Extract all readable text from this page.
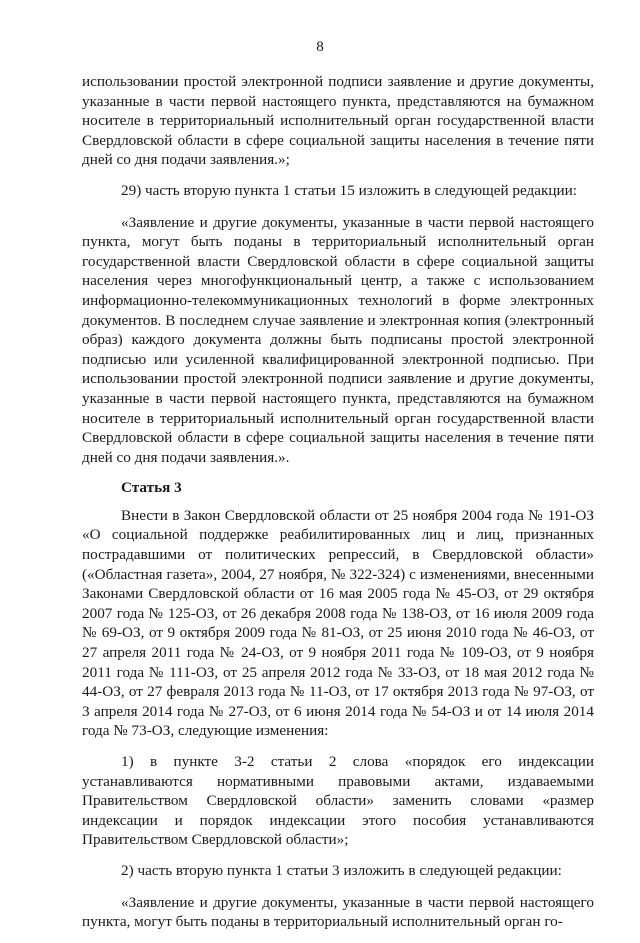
8

использовании простой электронной подписи заявление и другие документы, указанные в части первой настоящего пункта, представляются на бумажном носителе в территориальный исполнительный орган государственной власти Свердловской области в сфере социальной защиты населения в течение пяти дней со дня подачи заявления.»;

29) часть вторую пункта 1 статьи 15 изложить в следующей редакции:

«Заявление и другие документы, указанные в части первой настоящего пункта, могут быть поданы в территориальный исполнительный орган государственной власти Свердловской области в сфере социальной защиты населения через многофункциональный центр, а также с использованием информационно-телекоммуникационных технологий в форме электронных документов. В последнем случае заявление и электронная копия (электронный образ) каждого документа должны быть подписаны простой электронной подписью или усиленной квалифицированной электронной подписью. При использовании простой электронной подписи заявление и другие документы, указанные в части первой настоящего пункта, представляются на бумажном носителе в территориальный исполнительный орган государственной власти Свердловской области в сфере социальной защиты населения в течение пяти дней со дня подачи заявления.».

Статья 3

Внести в Закон Свердловской области от 25 ноября 2004 года № 191-ОЗ «О социальной поддержке реабилитированных лиц и лиц, признанных пострадавшими от политических репрессий, в Свердловской области» («Областная газета», 2004, 27 ноября, № 322-324) с изменениями, внесенными Законами Свердловской области от 16 мая 2005 года № 45-ОЗ, от 29 октября 2007 года № 125-ОЗ, от 26 декабря 2008 года № 138-ОЗ, от 16 июля 2009 года № 69-ОЗ, от 9 октября 2009 года № 81-ОЗ, от 25 июня 2010 года № 46-ОЗ, от 27 апреля 2011 года № 24-ОЗ, от 9 ноября 2011 года № 109-ОЗ, от 9 ноября 2011 года № 111-ОЗ, от 25 апреля 2012 года № 33-ОЗ, от 18 мая 2012 года № 44-ОЗ, от 27 февраля 2013 года № 11-ОЗ, от 17 октября 2013 года № 97-ОЗ, от 3 апреля 2014 года № 27-ОЗ, от 6 июня 2014 года № 54-ОЗ и от 14 июля 2014 года № 73-ОЗ, следующие изменения:

1) в пункте 3-2 статьи 2 слова «порядок его индексации устанавливаются нормативными правовыми актами, издаваемыми Правительством Свердловской области» заменить словами «размер индексации и порядок индексации этого пособия устанавливаются Правительством Свердловской области»;

2) часть вторую пункта 1 статьи 3 изложить в следующей редакции:

«Заявление и другие документы, указанные в части первой настоящего пункта, могут быть поданы в территориальный исполнительный орган го-
